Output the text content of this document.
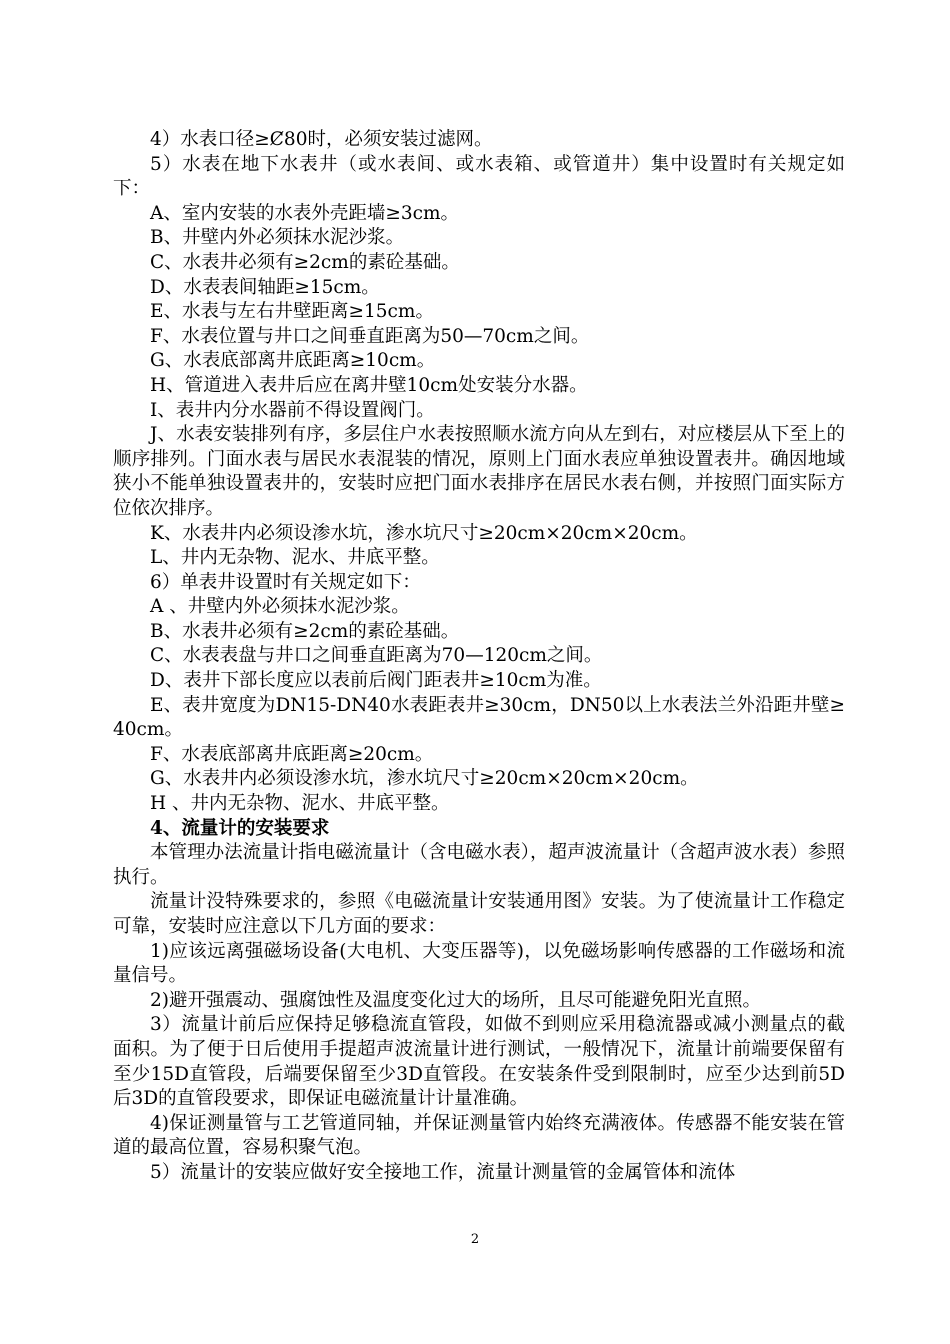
4）水表口径≥Ȼ80时，必须安装过滤网。

5）水表在地下水表井（或水表间、或水表箱、或管道井）集中设置时有关规定如下：

A、室内安装的水表外壳距墙≥3cm。

B、井壁内外必须抹水泥沙浆。

C、水表井必须有≥2cm的素砼基础。

D、水表表间轴距≥15cm。

E、水表与左右井壁距离≥15cm。

F、水表位置与井口之间垂直距离为50—70cm之间。

G、水表底部离井底距离≥10cm。

H、管道进入表井后应在离井壁10cm处安装分水器。

I、表井内分水器前不得设置阀门。

J、水表安装排列有序，多层住户水表按照顺水流方向从左到右，对应楼层从下至上的顺序排列。门面水表与居民水表混装的情况，原则上门面水表应单独设置表井。确因地域狭小不能单独设置表井的，安装时应把门面水表排序在居民水表右侧，并按照门面实际方位依次排序。

K、水表井内必须设渗水坑，渗水坑尺寸≥20cm×20cm×20cm。

L、井内无杂物、泥水、井底平整。

6）单表井设置时有关规定如下：

A 、井壁内外必须抹水泥沙浆。

B、水表井必须有≥2cm的素砼基础。

C、水表表盘与井口之间垂直距离为70—120cm之间。

D、表井下部长度应以表前后阀门距表井≥10cm为准。

E、表井宽度为DN15-DN40水表距表井≥30cm，DN50以上水表法兰外沿距井壁≥40cm。

F、水表底部离井底距离≥20cm。

G、水表井内必须设渗水坑，渗水坑尺寸≥20cm×20cm×20cm。

H 、井内无杂物、泥水、井底平整。

4、流量计的安装要求

本管理办法流量计指电磁流量计（含电磁水表），超声波流量计（含超声波水表）参照执行。

流量计没特殊要求的，参照《电磁流量计安装通用图》安装。为了使流量计工作稳定可靠，安装时应注意以下几方面的要求：

1)应该远离强磁场设备(大电机、大变压器等)，以免磁场影响传感器的工作磁场和流量信号。

2)避开强震动、强腐蚀性及温度变化过大的场所，且尽可能避免阳光直照。

3）流量计前后应保持足够稳流直管段，如做不到则应采用稳流器或减小测量点的截面积。为了便于日后使用手提超声波流量计进行测试，一般情况下，流量计前端要保留有至少15D直管段，后端要保留至少3D直管段。在安装条件受到限制时，应至少达到前5D后3D的直管段要求，即保证电磁流量计计量准确。

4)保证测量管与工艺管道同轴，并保证测量管内始终充满液体。传感器不能安装在管道的最高位置，容易积聚气泡。

5）流量计的安装应做好安全接地工作，流量计测量管的金属管体和流体

2
